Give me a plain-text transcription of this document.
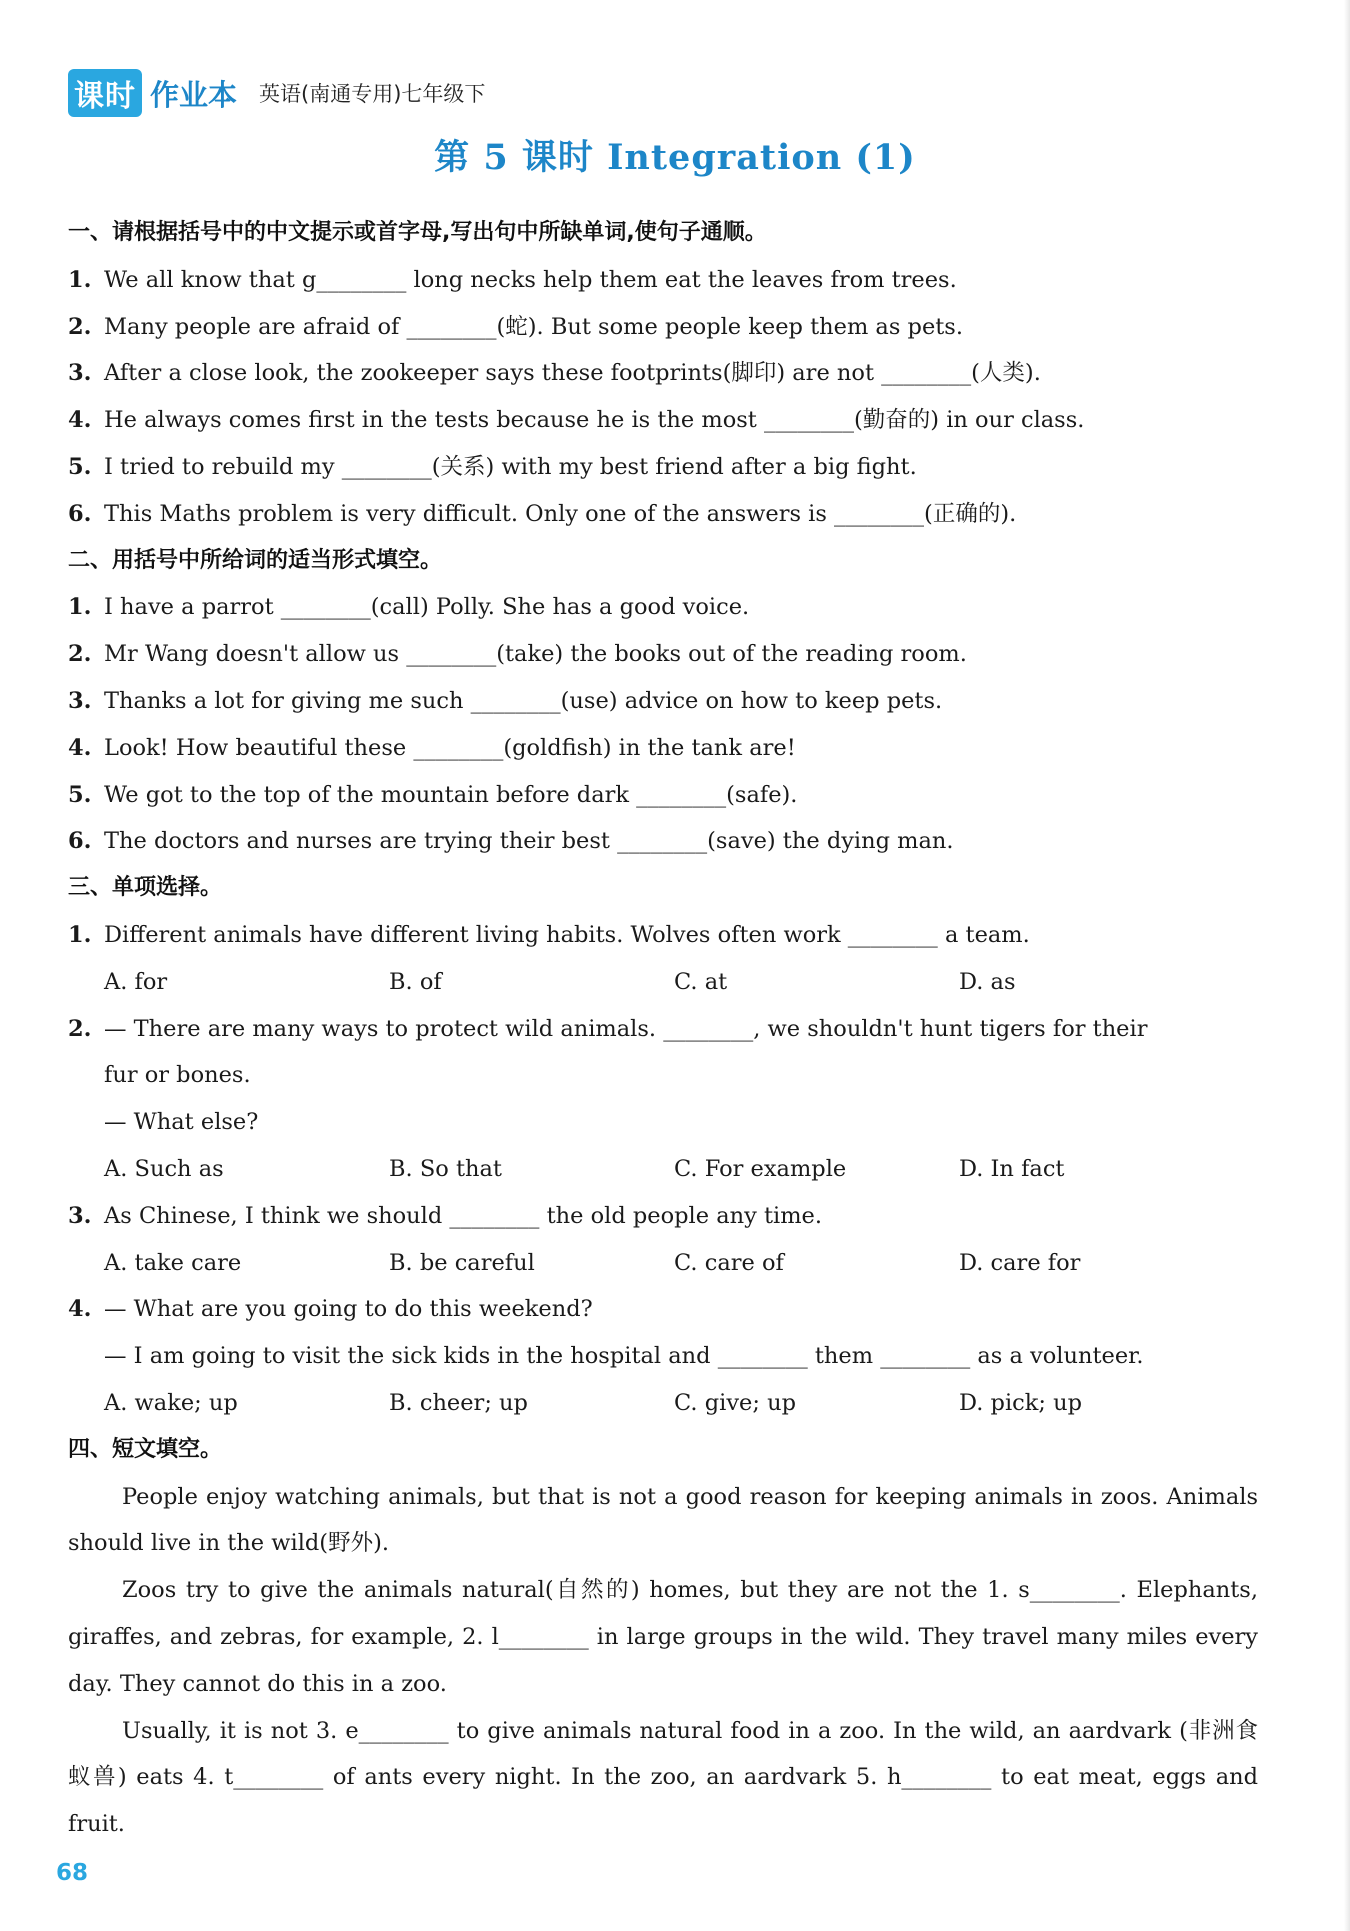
课时 作业本 英语(南通专用)七年级下
第 5 课时 Integration (1)
一、请根据括号中的中文提示或首字母,写出句中所缺单词,使句子通顺。
1. We all know that g________ long necks help them eat the leaves from trees.
2. Many people are afraid of ________(蛇). But some people keep them as pets.
3. After a close look, the zookeeper says these footprints(脚印) are not ________(人类).
4. He always comes first in the tests because he is the most ________(勤奋的) in our class.
5. I tried to rebuild my ________(关系) with my best friend after a big fight.
6. This Maths problem is very difficult. Only one of the answers is ________(正确的).
二、用括号中所给词的适当形式填空。
1. I have a parrot ________(call) Polly. She has a good voice.
2. Mr Wang doesn't allow us ________(take) the books out of the reading room.
3. Thanks a lot for giving me such ________(use) advice on how to keep pets.
4. Look! How beautiful these ________(goldfish) in the tank are!
5. We got to the top of the mountain before dark ________(safe).
6. The doctors and nurses are trying their best ________(save) the dying man.
三、单项选择。
1. Different animals have different living habits. Wolves often work ________ a team.
A. for	B. of	C. at	D. as
2. — There are many ways to protect wild animals. ________, we shouldn't hunt tigers for their
fur or bones.
— What else?
A. Such as	B. So that	C. For example	D. In fact
3. As Chinese, I think we should ________ the old people any time.
A. take care	B. be careful	C. care of	D. care for
4. — What are you going to do this weekend?
— I am going to visit the sick kids in the hospital and ________ them ________ as a volunteer.
A. wake; up	B. cheer; up	C. give; up	D. pick; up
四、短文填空。
People enjoy watching animals, but that is not a good reason for keeping animals in zoos. Animals should live in the wild(野外).
Zoos try to give the animals natural(自然的) homes, but they are not the 1. s________. Elephants, giraffes, and zebras, for example, 2. l________ in large groups in the wild. They travel many miles every day. They cannot do this in a zoo.
Usually, it is not 3. e________ to give animals natural food in a zoo. In the wild, an aardvark (非洲食蚁兽) eats 4. t________ of ants every night. In the zoo, an aardvark 5. h________ to eat meat, eggs and fruit.
68
